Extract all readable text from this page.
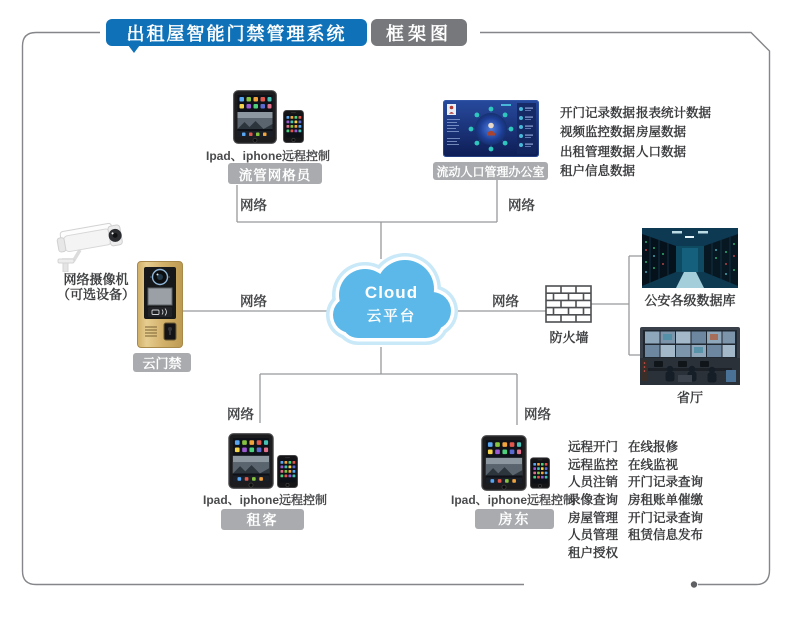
出租屋智能门禁管理系统	框架图
Ipad、iphone远程控制
流管网格员	流动人口管理办公室
开门记录数据 报表统计数据
视频监控数据 房屋数据
出租管理数据 人口数据
租户信息数据
网络摄像机
（可选设备）
云门禁
Cloud
云平台
防火墙
公安各级数据库
省厅
Ipad、iphone远程控制
租客
Ipad、iphone远程控制
房东
远程开门 在线报修
远程监控 在线监视
人员注销 开门记录查询
录像查询 房租账单催缴
房屋管理 开门记录查询
人员管理 租赁信息发布
租户授权
网络	网络
网络	网络
网络	网络
